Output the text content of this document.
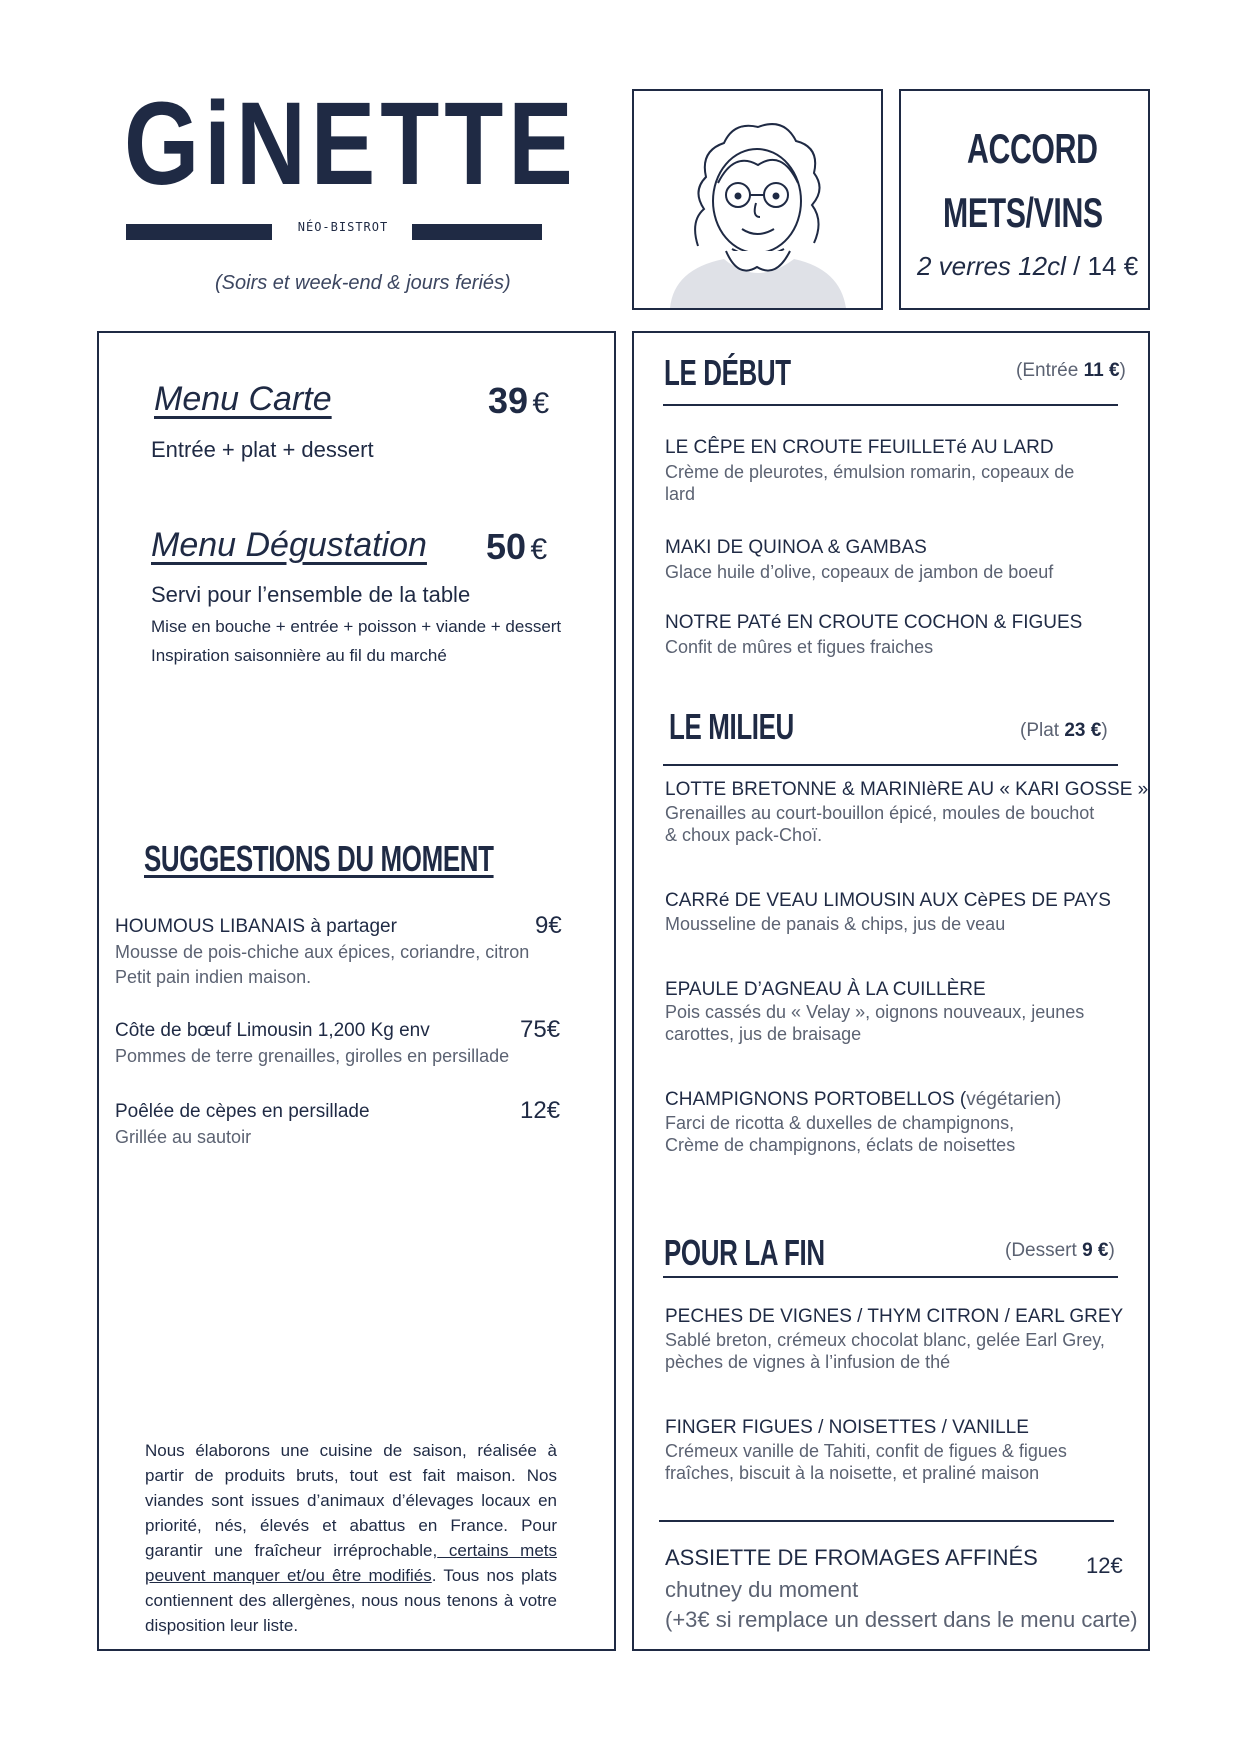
GiNETTE
NÉO-BISTROT
(Soirs et week-end & jours feriés)
ACCORD
METS/VINS
2 verres 12cl / 14 €
Menu Carte	39 €
Entrée + plat + dessert
Menu Dégustation 50 €
Servi pour l’ensemble de la table
Mise en bouche + entrée + poisson + viande + dessert
Inspiration saisonnière au fil du marché
SUGGESTIONS DU MOMENT
HOUMOUS LIBANAIS à partager	9€
Mousse de pois-chiche aux épices, coriandre, citron
Petit pain indien maison.
Côte de bœuf Limousin 1,200 Kg env	75€
Pommes de terre grenailles, girolles en persillade
Poêlée de cèpes en persillade	12€
Grillée au sautoir
Nous élaborons une cuisine de saison, réalisée à partir de produits bruts, tout est fait maison. Nos viandes sont issues d’animaux d’élevages locaux en priorité, nés, élevés et abattus en France. Pour garantir une fraîcheur irréprochable, certains mets peuvent manquer et/ou être modifiés. Tous nos plats contiennent des allergènes, nous nous tenons à votre disposition leur liste.
LE DÉBUT	(Entrée 11 €)
LE CÊPE EN CROUTE FEUILLETé AU LARD
Crème de pleurotes, émulsion romarin, copeaux de lard
MAKI DE QUINOA & GAMBAS
Glace huile d’olive, copeaux de jambon de boeuf
NOTRE PATé EN CROUTE COCHON & FIGUES
Confit de mûres et figues fraiches
LE MILIEU	(Plat 23 €)
LOTTE BRETONNE & MARINIèRE AU « KARI GOSSE »
Grenailles au court-bouillon épicé, moules de bouchot & choux pack-Choï.
CARRé DE VEAU LIMOUSIN AUX CèPES DE PAYS
Mousseline de panais & chips, jus de veau
EPAULE D’AGNEAU À LA CUILLÈRE
Pois cassés du « Velay », oignons nouveaux, jeunes carottes, jus de braisage
CHAMPIGNONS PORTOBELLOS (végétarien)
Farci de ricotta & duxelles de champignons, Crème de champignons, éclats de noisettes
POUR LA FIN	(Dessert 9 €)
PECHES DE VIGNES / THYM CITRON / EARL GREY
Sablé breton, crémeux chocolat blanc, gelée Earl Grey, pèches de vignes à l’infusion de thé
FINGER FIGUES / NOISETTES / VANILLE
Crémeux vanille de Tahiti, confit de figues & figues fraîches, biscuit à la noisette, et praliné maison
ASSIETTE DE FROMAGES AFFINÉS 12€
chutney du moment
(+3€ si remplace un dessert dans le menu carte)
